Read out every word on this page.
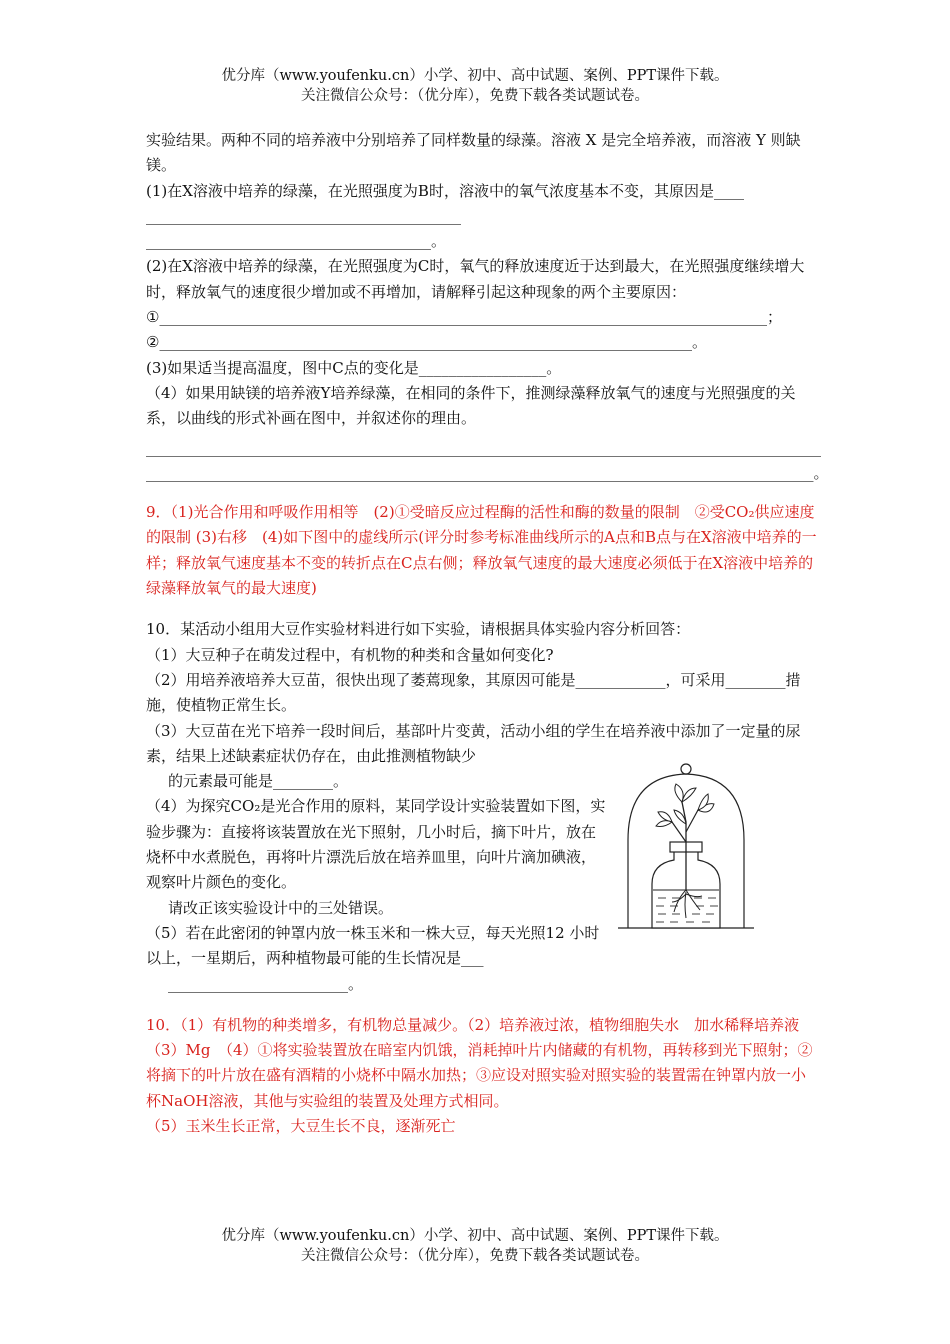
优分库（www.youfenku.cn）小学、初中、高中试题、案例、PPT课件下载。
关注微信公众号：（优分库），免费下载各类试题试卷。

实验结果。两种不同的培养液中分别培养了同样数量的绿藻。溶液 X 是完全培养液，而溶液 Y 则缺镁。

(1)在X溶液中培养的绿藻，在光照强度为B时，溶液中的氧气浓度基本不变，其原因是____

__________________________________________

______________________________________。

(2)在X溶液中培养的绿藻，在光照强度为C时，氧气的释放速度近于达到最大，在光照强度继续增大时，释放氧气的速度很少增加或不再增加，请解释引起这种现象的两个主要原因：

①_________________________________________________________________________________；

②_______________________________________________________________________。

(3)如果适当提高温度，图中C点的变化是_________________。

（4）如果用缺镁的培养液Y培养绿藻，在相同的条件下，推测绿藻释放氧气的速度与光照强度的关系，以曲线的形式补画在图中，并叙述你的理由。

__________________________________________________________________________________________

_________________________________________________________________________________________。

9．（1)光合作用和呼吸作用相等　(2)①受暗反应过程酶的活性和酶的数量的限制　②受CO₂供应速度的限制 (3)右移　(4)如下图中的虚线所示(评分时参考标准曲线所示的A点和B点与在X溶液中培养的一样；释放氧气速度基本不变的转折点在C点右侧；释放氧气速度的最大速度必须低于在X溶液中培养的绿藻释放氧气的最大速度)

10．某活动小组用大豆作实验材料进行如下实验，请根据具体实验内容分析回答：

（1）大豆种子在萌发过程中，有机物的种类和含量如何变化?

（2）用培养液培养大豆苗，很快出现了萎蔫现象，其原因可能是____________，可采用________措施，使植物正常生长。

（3）大豆苗在光下培养一段时间后，基部叶片变黄，活动小组的学生在培养液中添加了一定量的尿素，结果上述缺素症状仍存在，由此推测植物缺少

的元素最可能是________。

（4）为探究CO₂是光合作用的原料，某同学设计实验装置如下图，实验步骤为：直接将该装置放在光下照射，几小时后，摘下叶片，放在烧杯中水煮脱色，再将叶片漂洗后放在培养皿里，向叶片滴加碘液，观察叶片颜色的变化。

请改正该实验设计中的三处错误。

（5）若在此密闭的钟罩内放一株玉米和一株大豆，每天光照12 小时以上，一星期后，两种植物最可能的生长情况是___

________________________。

10．（1）有机物的种类增多，有机物总量减少。（2）培养液过浓，植物细胞失水　加水稀释培养液　（3）Mg　（4）①将实验装置放在暗室内饥饿，消耗掉叶片内储藏的有机物，再转移到光下照射；②将摘下的叶片放在盛有酒精的小烧杯中隔水加热；③应设对照实验对照实验的装置需在钟罩内放一小杯NaOH溶液，其他与实验组的装置及处理方式相同。

（5）玉米生长正常，大豆生长不良，逐渐死亡

优分库（www.youfenku.cn）小学、初中、高中试题、案例、PPT课件下载。
关注微信公众号：（优分库），免费下载各类试题试卷。
